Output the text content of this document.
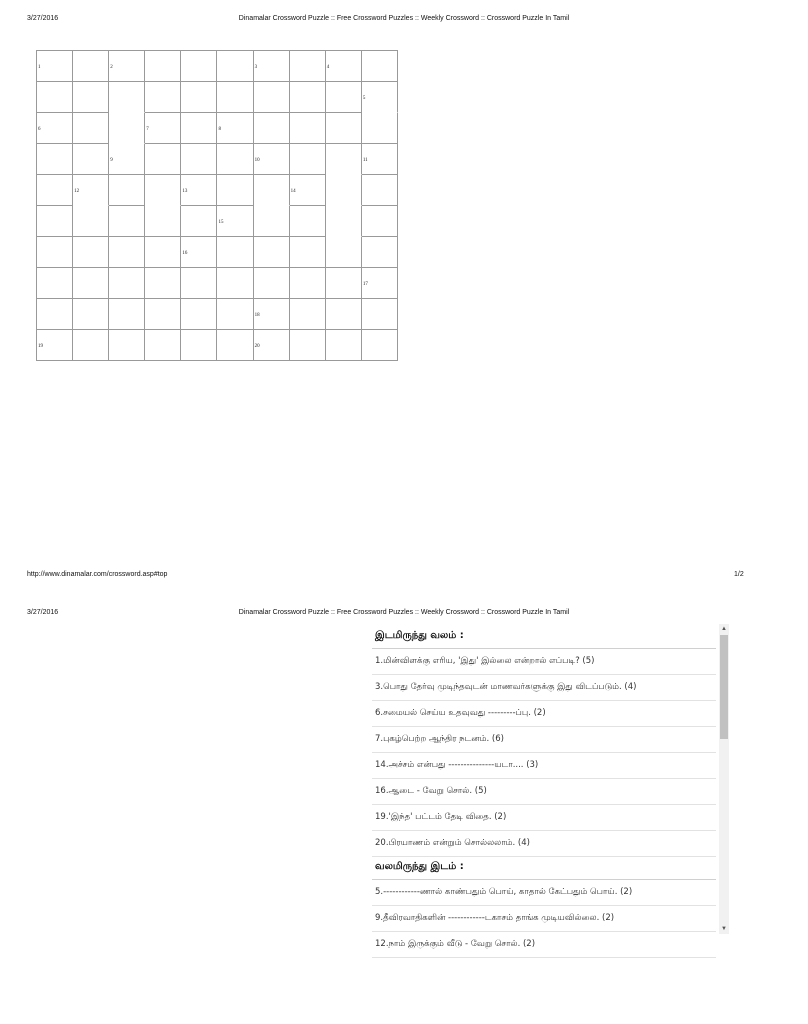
3/27/2016	Dinamalar Crossword Puzzle :: Free Crossword Puzzles :: Weekly Crossword :: Crossword Puzzle In Tamil
1	2	3	4
5
6	7	8
9	10	11
12	13	14
15
16
17
18
19	20
http://www.dinamalar.com/crossword.asp#top	1/2
3/27/2016	Dinamalar Crossword Puzzle :: Free Crossword Puzzles :: Weekly Crossword :: Crossword Puzzle In Tamil
இடமிருந்து வலம் :
1.மின்விளக்கு எரிய, 'இது' இல்லை என்றால் எப்படி? (5)
3.பொது தேர்வு முடிந்தவுடன் மாணவர்களுக்கு இது விடப்படும். (4)
6.சமையல் செய்ய உதவுவது ---------ப்பு. (2)
7.புகழ்பெற்ற ஆந்திர நடனம். (6)
14.அச்சம் என்பது ---------------யடா.... (3)
16.ஆடை - வேறு சொல். (5)
19.'இந்த' பட்டம் தேடி விதை. (2)
20.பிரயாணம் என்றும் சொல்லலாம். (4)
வலமிருந்து இடம் :
5.------------ணால் காண்பதும் பொய், காதால் கேட்பதும் பொய். (2)
9.தீவிரவாதிகளின் ------------டகாசம் தாங்க முடியவில்லை. (2)
12.நாம் இருக்கும் வீடு - வேறு சொல். (2)
▲
▼
